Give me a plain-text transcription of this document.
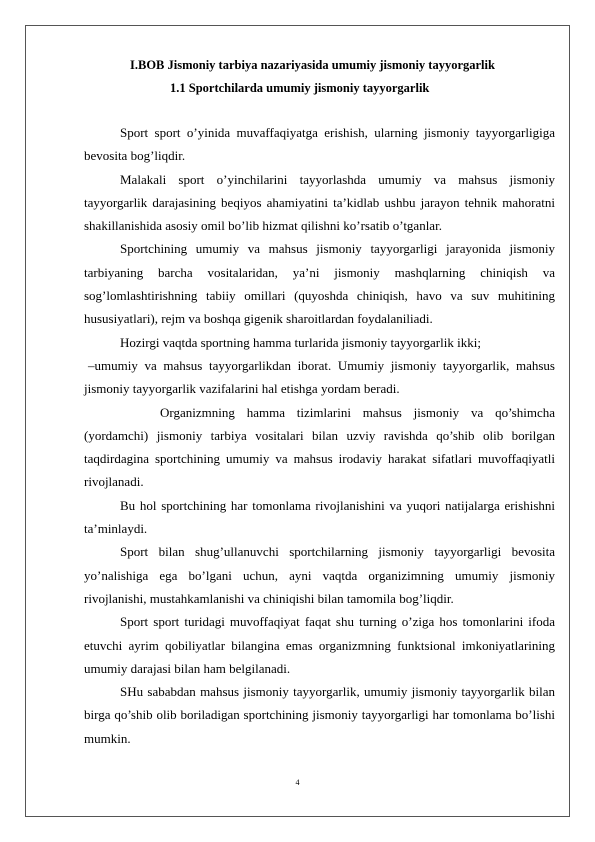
I.BOB Jismoniy tarbiya nazariyasida umumiy jismoniy tayyorgarlik
1.1 Sportchilarda umumiy jismoniy tayyorgarlik

Sport sport o’yinida muvaffaqiyatga erishish, ularning jismoniy tayyorgarligiga bevosita bog’liqdir.

Malakali sport o’yinchilarini tayyorlashda umumiy va mahsus jismoniy tayyorgarlik darajasining beqiyos ahamiyatini ta’kidlab ushbu jarayon tehnik mahoratni shakillanishida asosiy omil bo’lib hizmat qilishni ko’rsatib o’tganlar.

Sportchining umumiy va mahsus jismoniy tayyorgarligi jarayonida jismoniy tarbiyaning barcha vositalaridan, ya’ni jismoniy mashqlarning chiniqish va sog’lomlashtirishning tabiiy omillari (quyoshda chiniqish, havo va suv muhitining hususiyatlari), rejm va boshqa gigenik sharoitlardan foydalaniliadi.

Hozirgi vaqtda sportning hamma turlarida jismoniy tayyorgarlik ikki;

–umumiy va mahsus tayyorgarlikdan iborat. Umumiy jismoniy tayyorgarlik, mahsus jismoniy tayyorgarlik vazifalarini hal etishga yordam beradi.

Organizmning hamma tizimlarini mahsus jismoniy va qo’shimcha (yordamchi) jismoniy tarbiya vositalari bilan uzviy ravishda qo’shib olib borilgan taqdirdagina sportchining umumiy va mahsus irodaviy harakat sifatlari muvoffaqiyatli rivojlanadi.

Bu hol sportchining har tomonlama rivojlanishini va yuqori natijalarga erishishni ta’minlaydi.

Sport bilan shug’ullanuvchi sportchilarning jismoniy tayyorgarligi bevosita yo’nalishiga ega bo’lgani uchun, ayni vaqtda organizimning umumiy jismoniy rivojlanishi, mustahkamlanishi va chiniqishi bilan tamomila bog’liqdir.

Sport sport turidagi muvoffaqiyat faqat shu turning o’ziga hos tomonlarini ifoda etuvchi ayrim qobiliyatlar bilangina emas organizmning funktsional imkoniyatlarining umumiy darajasi bilan ham belgilanadi.

SHu sababdan mahsus jismoniy tayyorgarlik, umumiy jismoniy tayyorgarlik bilan birga qo’shib olib boriladigan sportchining jismoniy tayyorgarligi har tomonlama bo’lishi mumkin.

4
